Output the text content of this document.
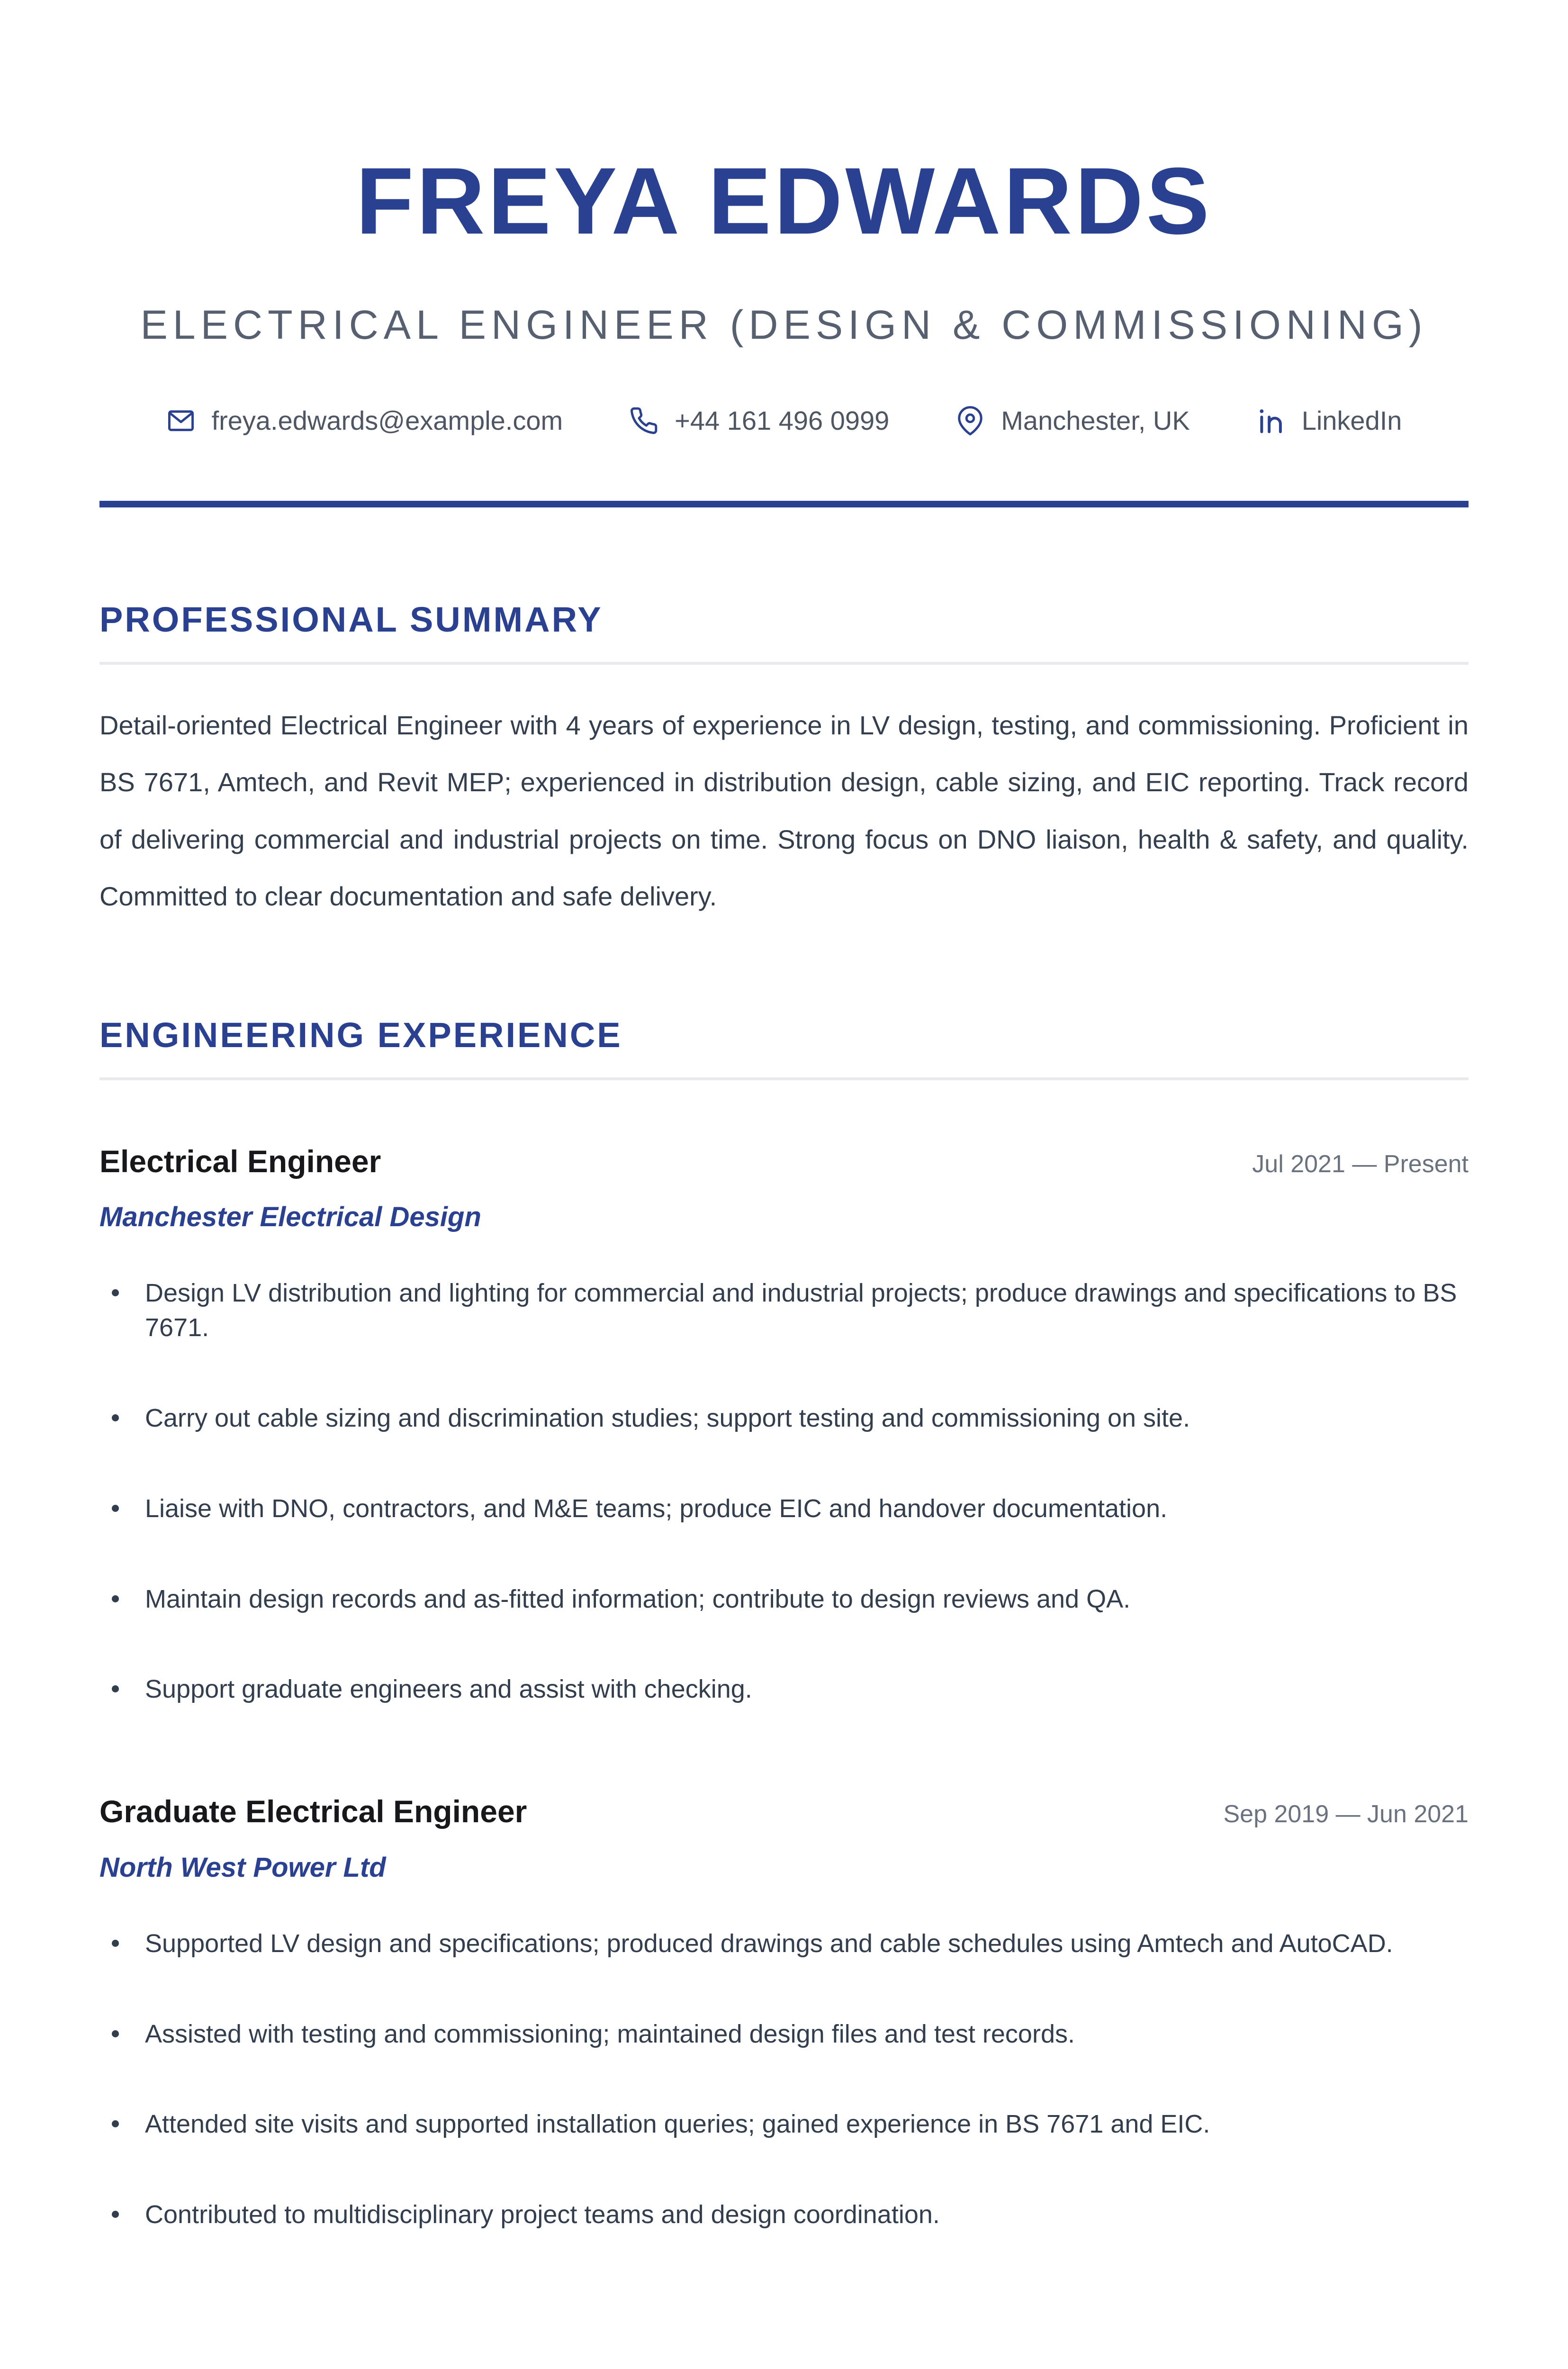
FREYA EDWARDS
ELECTRICAL ENGINEER (DESIGN & COMMISSIONING)
freya.edwards@example.com	+44 161 496 0999	Manchester, UK	LinkedIn
PROFESSIONAL SUMMARY

Detail-oriented Electrical Engineer with 4 years of experience in LV design, testing, and commissioning. Proficient in BS 7671, Amtech, and Revit MEP; experienced in distribution design, cable sizing, and EIC reporting. Track record of delivering commercial and industrial projects on time. Strong focus on DNO liaison, health & safety, and quality. Committed to clear documentation and safe delivery.

ENGINEERING EXPERIENCE
Electrical Engineer	Jul 2021 — Present
Manchester Electrical Design
Design LV distribution and lighting for commercial and industrial projects; produce drawings and specifications to BS 7671.
Carry out cable sizing and discrimination studies; support testing and commissioning on site.
Liaise with DNO, contractors, and M&E teams; produce EIC and handover documentation.
Maintain design records and as-fitted information; contribute to design reviews and QA.
Support graduate engineers and assist with checking.
Graduate Electrical Engineer	Sep 2019 — Jun 2021
North West Power Ltd
Supported LV design and specifications; produced drawings and cable schedules using Amtech and AutoCAD.
Assisted with testing and commissioning; maintained design files and test records.
Attended site visits and supported installation queries; gained experience in BS 7671 and EIC.
Contributed to multidisciplinary project teams and design coordination.
